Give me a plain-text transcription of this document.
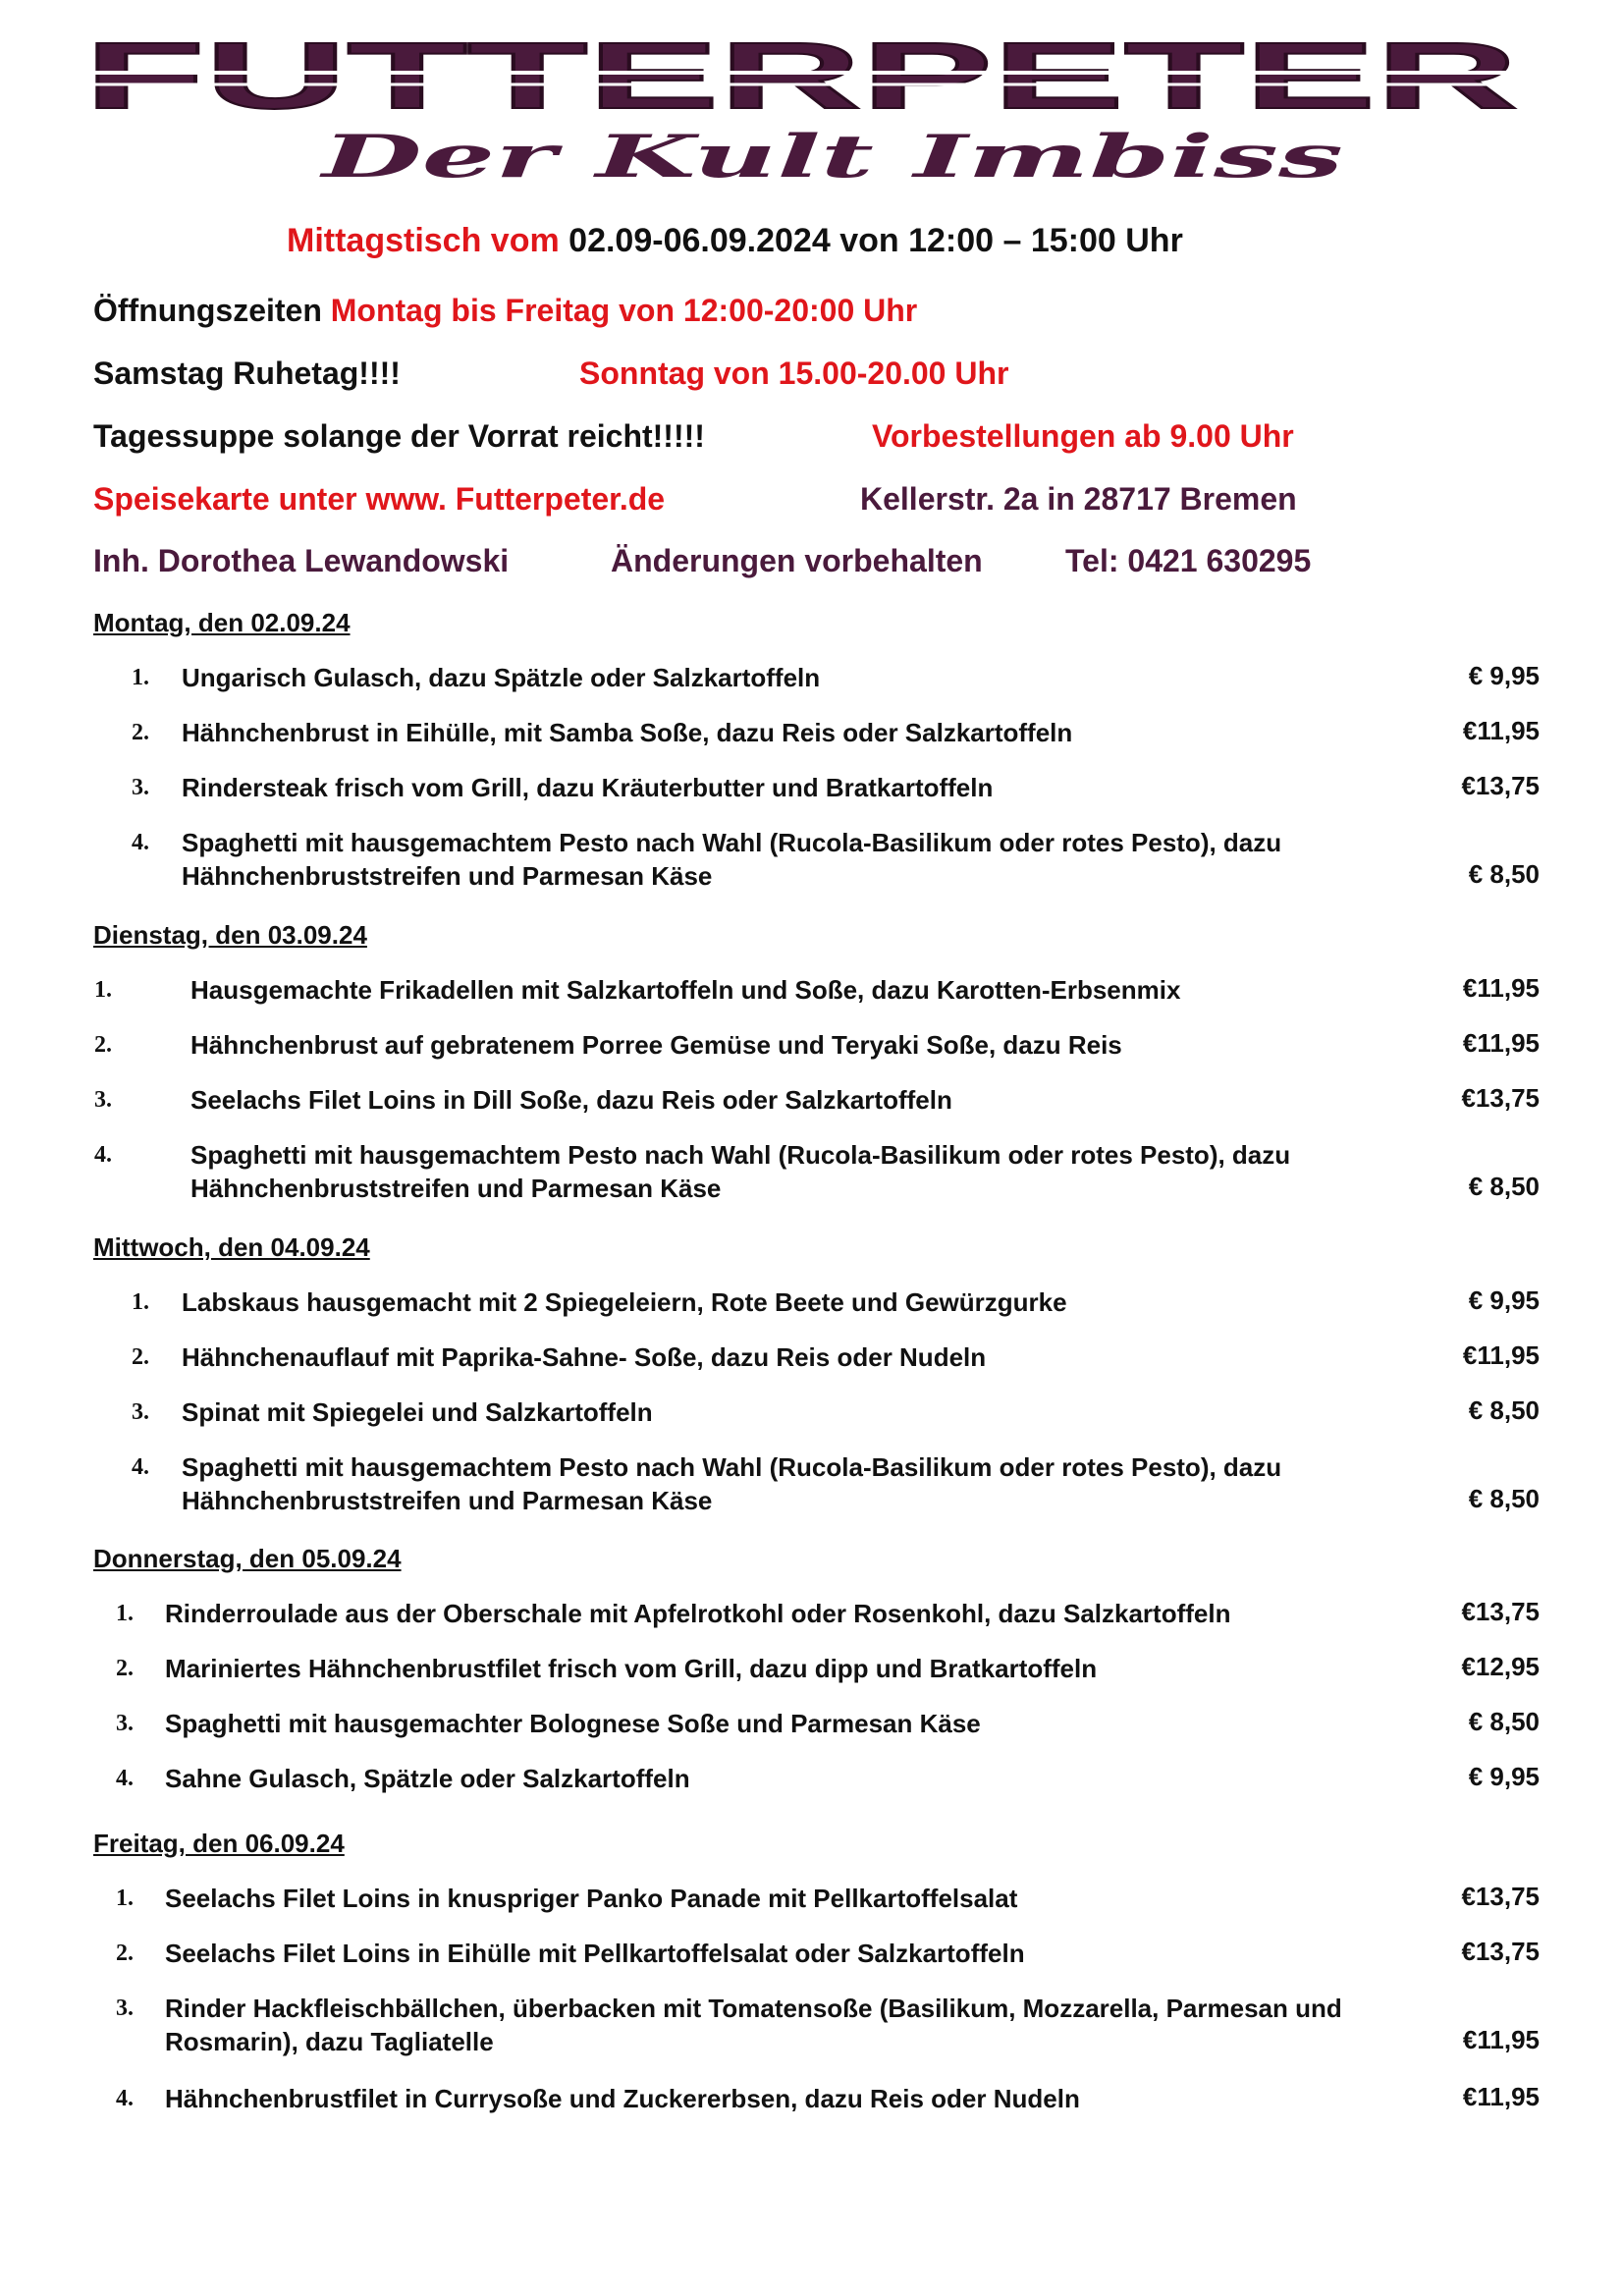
FUTTERPETER
Der Kult Imbiss
Mittagstisch vom 02.09-06.09.2024 von 12:00 – 15:00 Uhr
Öffnungszeiten Montag bis Freitag von 12:00-20:00 Uhr
Samstag Ruhetag!!!!	Sonntag von 15.00-20.00 Uhr
Tagessuppe solange der Vorrat reicht!!!!!	Vorbestellungen ab 9.00 Uhr
Speisekarte unter www. Futterpeter.de	Kellerstr. 2a in 28717 Bremen
Inh. Dorothea Lewandowski	Änderungen vorbehalten	Tel: 0421 630295
Montag, den 02.09.24
1. Ungarisch Gulasch, dazu Spätzle oder Salzkartoffeln	€ 9,95
2. Hähnchenbrust in Eihülle, mit Samba Soße, dazu Reis oder Salzkartoffeln	€11,95
3. Rindersteak frisch vom Grill, dazu Kräuterbutter und Bratkartoffeln	€13,75
4. Spaghetti mit hausgemachtem Pesto nach Wahl (Rucola-Basilikum oder rotes Pesto), dazu Hähnchenbruststreifen und Parmesan Käse	€ 8,50
Dienstag, den 03.09.24
1.	Hausgemachte Frikadellen mit Salzkartoffeln und Soße, dazu Karotten-Erbsenmix	€11,95
2.	Hähnchenbrust auf gebratenem Porree Gemüse und Teryaki Soße, dazu Reis	€11,95
3.	Seelachs Filet Loins in Dill Soße, dazu Reis oder Salzkartoffeln	€13,75
4.	Spaghetti mit hausgemachtem Pesto nach Wahl (Rucola-Basilikum oder rotes Pesto), dazu Hähnchenbruststreifen und Parmesan Käse	€ 8,50
Mittwoch, den 04.09.24
1. Labskaus hausgemacht mit 2 Spiegeleiern, Rote Beete und Gewürzgurke	€ 9,95
2. Hähnchenauflauf mit Paprika-Sahne- Soße, dazu Reis oder Nudeln	€11,95
3. Spinat mit Spiegelei und Salzkartoffeln	€ 8,50
4. Spaghetti mit hausgemachtem Pesto nach Wahl (Rucola-Basilikum oder rotes Pesto), dazu Hähnchenbruststreifen und Parmesan Käse	€ 8,50
Donnerstag, den 05.09.24
1. Rinderroulade aus der Oberschale mit Apfelrotkohl oder Rosenkohl, dazu Salzkartoffeln	€13,75
2. Mariniertes Hähnchenbrustfilet frisch vom Grill, dazu dipp und Bratkartoffeln	€12,95
3. Spaghetti mit hausgemachter Bolognese Soße und Parmesan Käse	€ 8,50
4. Sahne Gulasch, Spätzle oder Salzkartoffeln	€ 9,95
Freitag, den 06.09.24
1. Seelachs Filet Loins in knuspriger Panko Panade mit Pellkartoffelsalat	€13,75
2. Seelachs Filet Loins in Eihülle mit Pellkartoffelsalat oder Salzkartoffeln	€13,75
3. Rinder Hackfleischbällchen, überbacken mit Tomatensoße (Basilikum, Mozzarella, Parmesan und Rosmarin), dazu Tagliatelle	€11,95
4. Hähnchenbrustfilet in Currysoße und Zuckererbsen, dazu Reis oder Nudeln	€11,95
